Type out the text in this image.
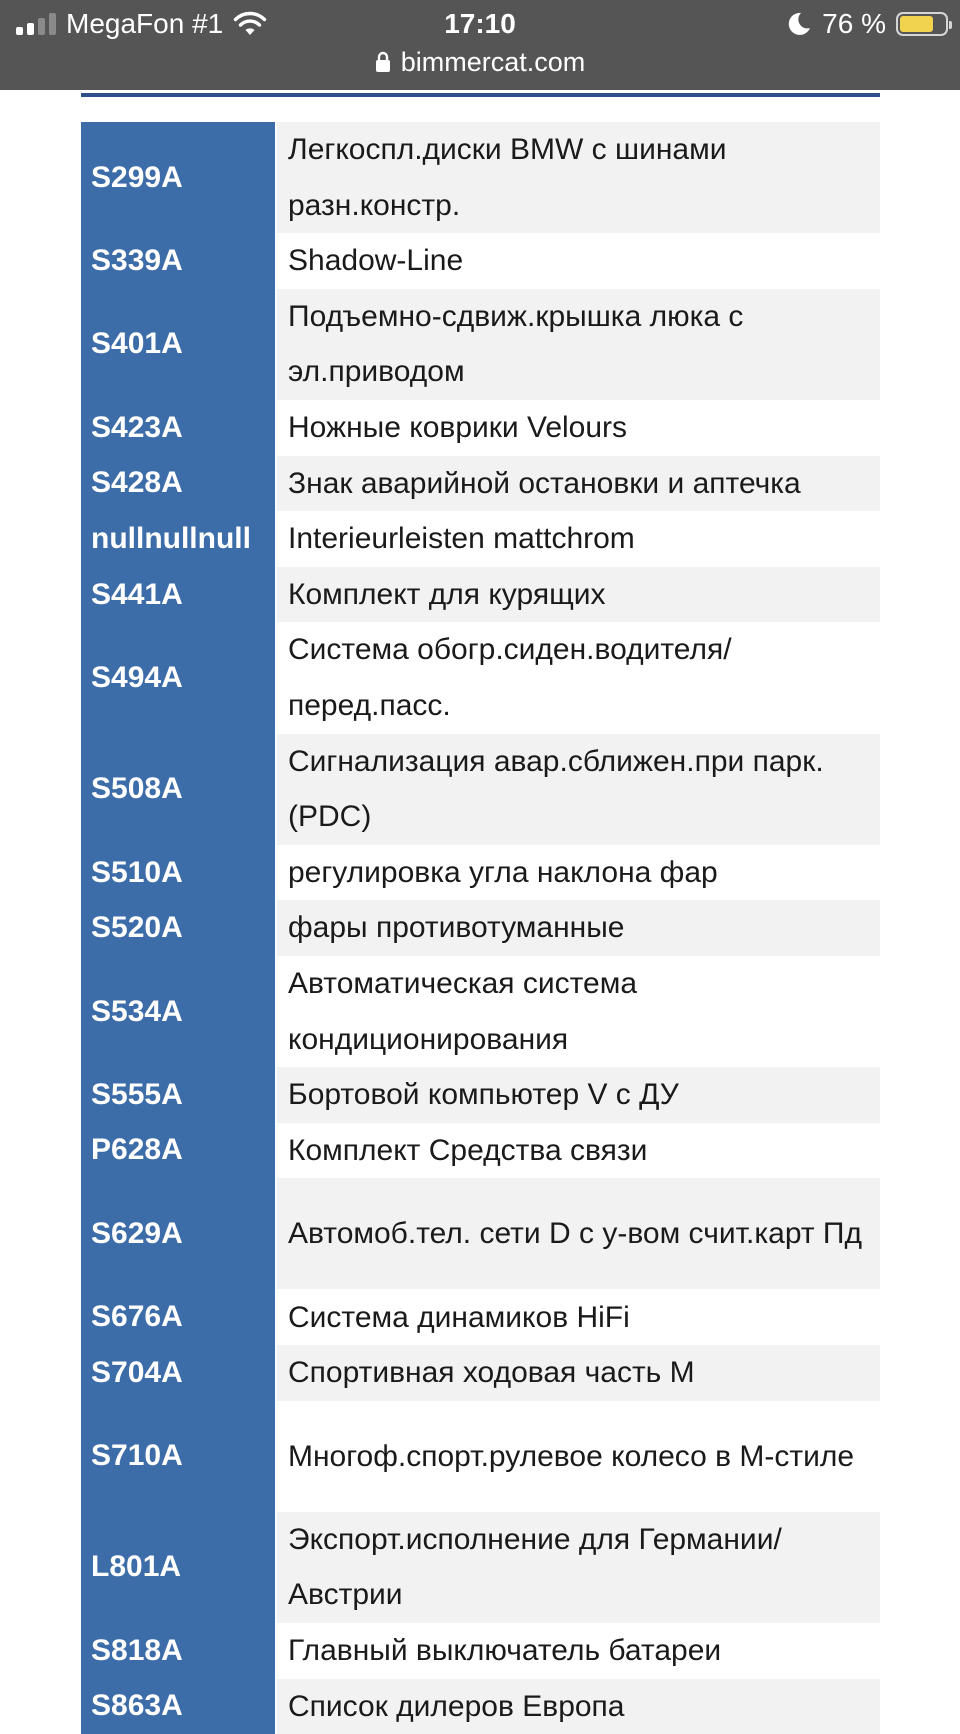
MegaFon #1	17:10	76 %
bimmercat.com
S299A	Легкоспл.диски BMW с шинами разн.констр.
S339A	Shadow-Line
S401A	Подъемно-сдвиж.крышка люка с эл.приводом
S423A	Ножные коврики Velours
S428A	Знак аварийной остановки и аптечка
nullnullnull	Interieurleisten mattchrom
S441A	Комплект для курящих
S494A	Система обогр.сиден.водителя/перед.пасс.
S508A	Сигнализация авар.сближен.при парк.(PDC)
S510A	регулировка угла наклона фар
S520A	фары противотуманные
S534A	Автоматическая система кондиционирования
S555A	Бортовой компьютер V с ДУ
P628A	Комплект Средства связи
S629A	Автомоб.тел. сети D с у-вом счит.карт Пд
S676A	Система динамиков HiFi
S704A	Спортивная ходовая часть M
S710A	Многоф.спорт.рулевое колесо в M-стиле
L801A	Экспорт.исполнение для Германии/Австрии
S818A	Главный выключатель батареи
S863A	Список дилеров Европа
